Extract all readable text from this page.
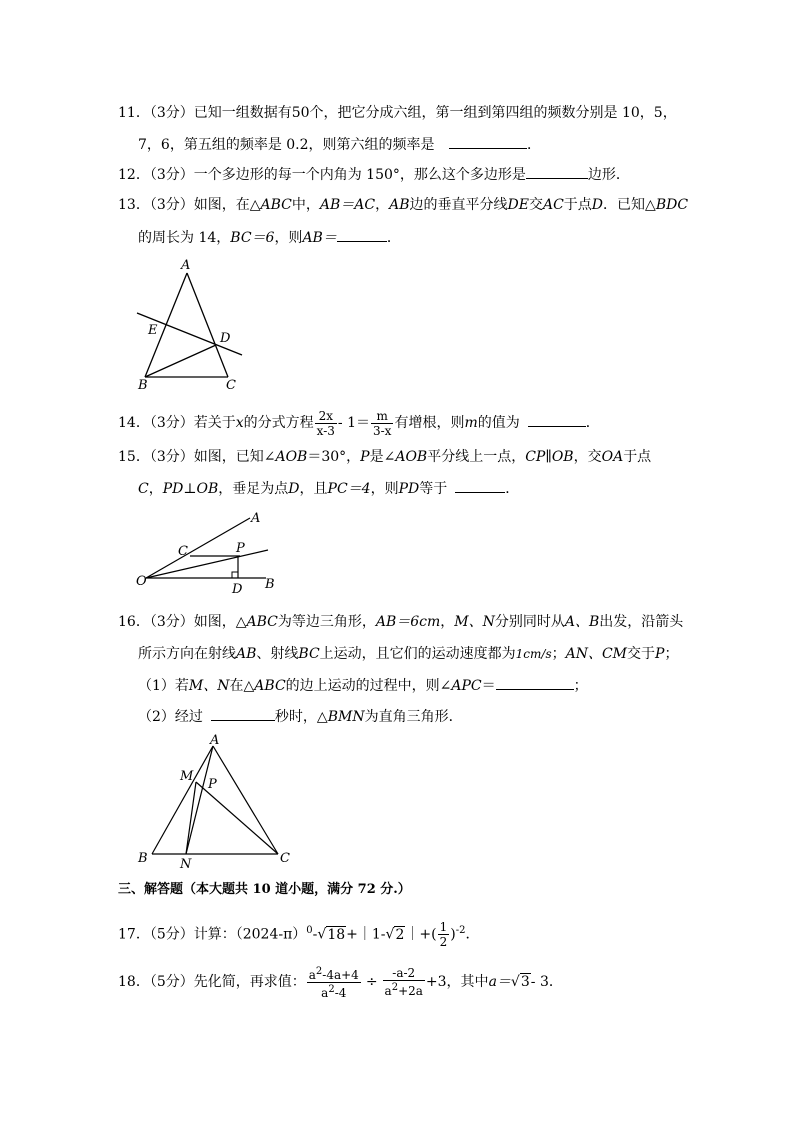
11．（3分）已知一组数据有50个，把它分成六组，第一组到第四组的频数分别是 10，5，
7，6，第五组的频率是 0.2，则第六组的频率是	．
12．（3分）一个多边形的每一个内角为 150°，那么这个多边形是	边形．
13．（3分）如图，在△ABC中，AB＝AC，AB边的垂直平分线DE交AC于点D．已知△BDC
的周长为 14，BC＝6，则AB＝	．
A
E
D
B	C
14．（3分）若关于x的分式方程 $\frac{2x}{x-3} - 1= \frac{m}{3-x}$ 有增根，则m的值为	．
15．（3分）如图，已知∠AOB＝30°，P是∠AOB平分线上一点，CP∥OB，交OA于点
C，PD⊥OB，垂足为点D，且PC＝4，则PD等于	．
A
C	P
O
D B
16．（3分）如图，△ABC为等边三角形，AB＝6cm，M、N分别同时从A、B出发，沿箭头
所示方向在射线AB、射线BC上运动，且它们的运动速度都为1cm/s；AN、CM交于P；
（1）若M、N在△ABC的边上运动的过程中，则∠APC＝	；
（2）经过	秒时，△BMN为直角三角形．
A
M
P
B N	C
三、解答题（本大题共 10 道小题，满分 72 分.）
17．（5分）计算：$(2024-\pi)^0-√18+|1-√2|+( \frac{1}{2} )^{-2}$．
18．（5分）先化简，再求值： $\frac{a^2-4a+4}{a^2-4} \div \frac{-a-2}{a^2+2a} +3$，其中a＝√3- 3．
